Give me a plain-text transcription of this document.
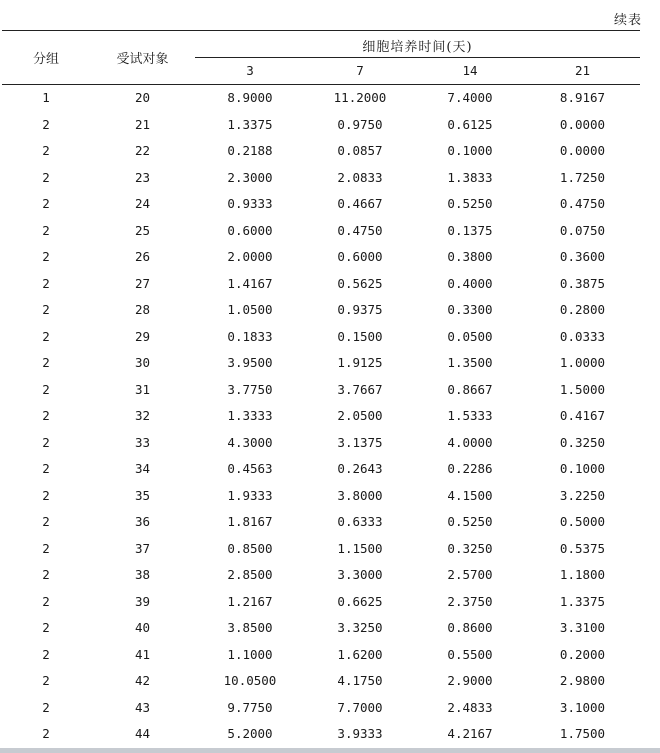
续表
分组	受试对象
细胞培养时间(天)
3	7	14	21
1	20	8.9000	11.2000	7.4000	8.9167
2	21	1.3375	0.9750	0.6125	0.0000
2	22	0.2188	0.0857	0.1000	0.0000
2	23	2.3000	2.0833	1.3833	1.7250
2	24	0.9333	0.4667	0.5250	0.4750
2	25	0.6000	0.4750	0.1375	0.0750
2	26	2.0000	0.6000	0.3800	0.3600
2	27	1.4167	0.5625	0.4000	0.3875
2	28	1.0500	0.9375	0.3300	0.2800
2	29	0.1833	0.1500	0.0500	0.0333
2	30	3.9500	1.9125	1.3500	1.0000
2	31	3.7750	3.7667	0.8667	1.5000
2	32	1.3333	2.0500	1.5333	0.4167
2	33	4.3000	3.1375	4.0000	0.3250
2	34	0.4563	0.2643	0.2286	0.1000
2	35	1.9333	3.8000	4.1500	3.2250
2	36	1.8167	0.6333	0.5250	0.5000
2	37	0.8500	1.1500	0.3250	0.5375
2	38	2.8500	3.3000	2.5700	1.1800
2	39	1.2167	0.6625	2.3750	1.3375
2	40	3.8500	3.3250	0.8600	3.3100
2	41	1.1000	1.6200	0.5500	0.2000
2	42	10.0500	4.1750	2.9000	2.9800
2	43	9.7750	7.7000	2.4833	3.1000
2	44	5.2000	3.9333	4.2167	1.7500
